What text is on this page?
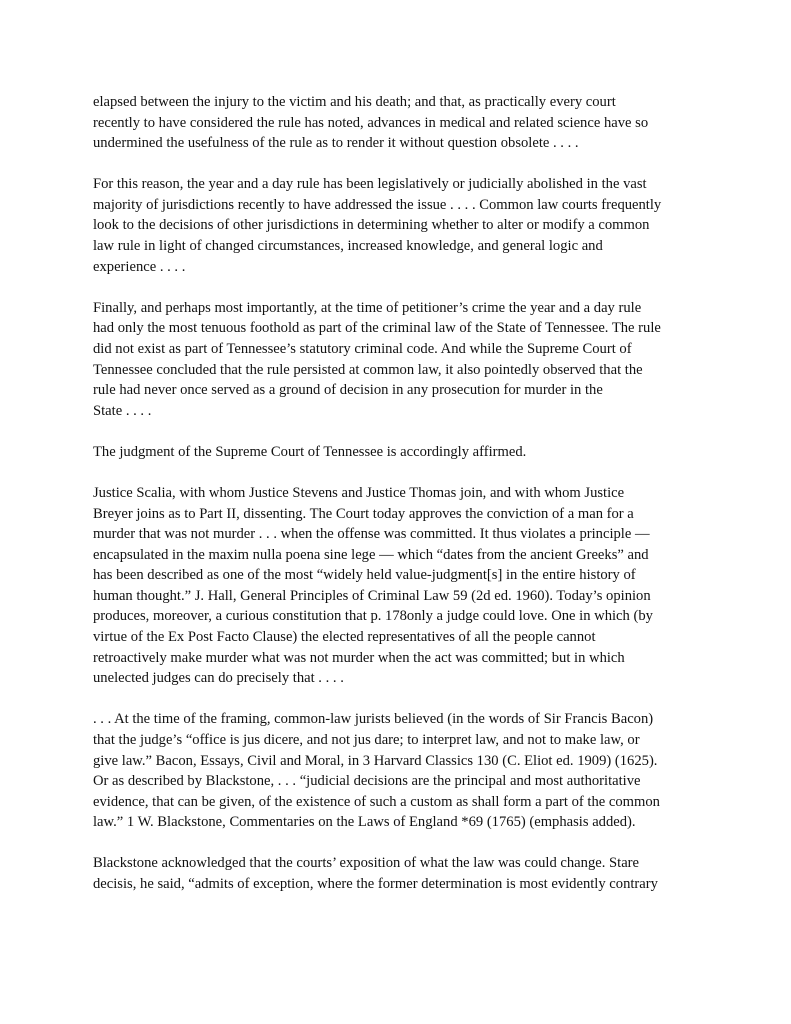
elapsed between the injury to the victim and his death; and that, as practically every court
recently to have considered the rule has noted, advances in medical and related science have so
undermined the usefulness of the rule as to render it without question obsolete . . . .

For this reason, the year and a day rule has been legislatively or judicially abolished in the vast
majority of jurisdictions recently to have addressed the issue . . . . Common law courts frequently
look to the decisions of other jurisdictions in determining whether to alter or modify a common
law rule in light of changed circumstances, increased knowledge, and general logic and
experience . . . .

Finally, and perhaps most importantly, at the time of petitioner’s crime the year and a day rule
had only the most tenuous foothold as part of the criminal law of the State of Tennessee. The rule
did not exist as part of Tennessee’s statutory criminal code. And while the Supreme Court of
Tennessee concluded that the rule persisted at common law, it also pointedly observed that the
rule had never once served as a ground of decision in any prosecution for murder in the
State . . . .

The judgment of the Supreme Court of Tennessee is accordingly affirmed.

Justice Scalia, with whom Justice Stevens and Justice Thomas join, and with whom Justice
Breyer joins as to Part II, dissenting. The Court today approves the conviction of a man for a
murder that was not murder . . . when the offense was committed. It thus violates a principle —
encapsulated in the maxim nulla poena sine lege — which “dates from the ancient Greeks” and
has been described as one of the most “widely held value-judgment[s] in the entire history of
human thought.” J. Hall, General Principles of Criminal Law 59 (2d ed. 1960). Today’s opinion
produces, moreover, a curious constitution that p. 178only a judge could love. One in which (by
virtue of the Ex Post Facto Clause) the elected representatives of all the people cannot
retroactively make murder what was not murder when the act was committed; but in which
unelected judges can do precisely that . . . .

. . . At the time of the framing, common-law jurists believed (in the words of Sir Francis Bacon)
that the judge’s “office is jus dicere, and not jus dare; to interpret law, and not to make law, or
give law.” Bacon, Essays, Civil and Moral, in 3 Harvard Classics 130 (C. Eliot ed. 1909) (1625).
Or as described by Blackstone, . . . “judicial decisions are the principal and most authoritative
evidence, that can be given, of the existence of such a custom as shall form a part of the common
law.” 1 W. Blackstone, Commentaries on the Laws of England *69 (1765) (emphasis added).

Blackstone acknowledged that the courts’ exposition of what the law was could change. Stare
decisis, he said, “admits of exception, where the former determination is most evidently contrary
